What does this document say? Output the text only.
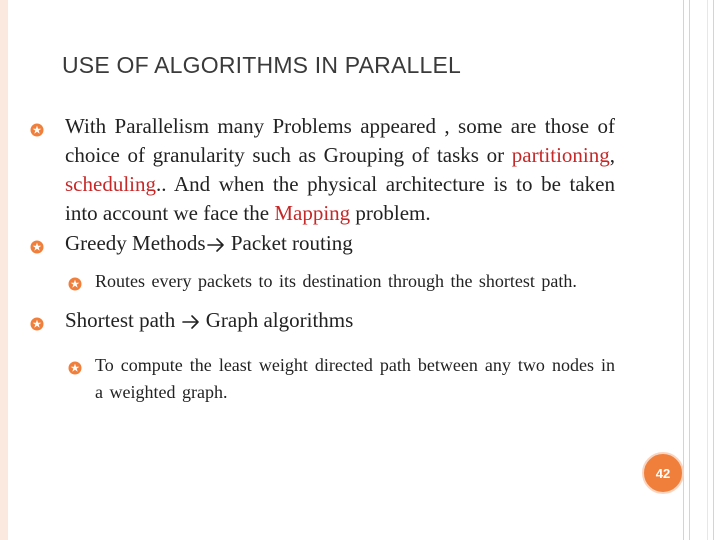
USE OF ALGORITHMS IN PARALLEL
With Parallelism many Problems appeared , some are those of choice of granularity such as Grouping of tasks or partitioning, scheduling.. And when the physical architecture is to be taken into account we face the Mapping problem.
Greedy Methods Packet routing
Routes every packets to its destination through the shortest path.
Shortest path  Graph algorithms
To compute the least weight directed path between any two nodes in a weighted graph.
42
